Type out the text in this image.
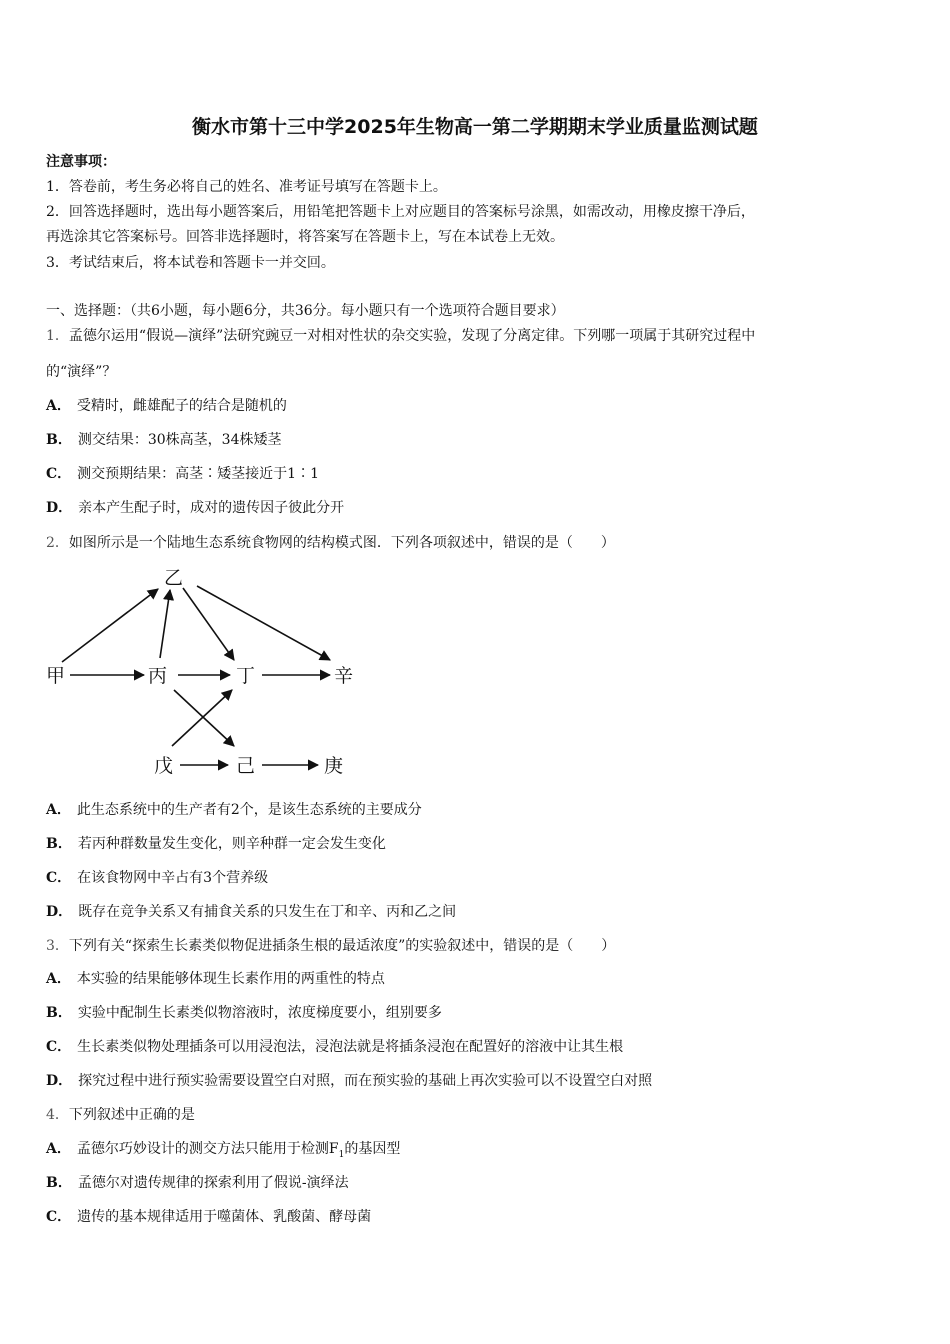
衡水市第十三中学2025年生物高一第二学期期末学业质量监测试题
注意事项：
1．答卷前，考生务必将自己的姓名、准考证号填写在答题卡上。
2．回答选择题时，选出每小题答案后，用铅笔把答题卡上对应题目的答案标号涂黑，如需改动，用橡皮擦干净后，
再选涂其它答案标号。回答非选择题时，将答案写在答题卡上，写在本试卷上无效。
3．考试结束后，将本试卷和答题卡一并交回。
一、选择题：（共6小题，每小题6分，共36分。每小题只有一个选项符合题目要求）
1．孟德尔运用“假说—演绎”法研究豌豆一对相对性状的杂交实验，发现了分离定律。下列哪一项属于其研究过程中
的“演绎”？
A． 受精时，雌雄配子的结合是随机的
B． 测交结果：30株高茎，34株矮茎
C． 测交预期结果：高茎∶矮茎接近于1∶1
D． 亲本产生配子时，成对的遗传因子彼此分开
2．如图所示是一个陆地生态系统食物网的结构模式图．下列各项叙述中，错误的是（　　）
乙
甲	丙	丁	辛
戊	己	庚
A． 此生态系统中的生产者有2个，是该生态系统的主要成分
B． 若丙种群数量发生变化，则辛种群一定会发生变化
C． 在该食物网中辛占有3个营养级
D． 既存在竞争关系又有捕食关系的只发生在丁和辛、丙和乙之间
3．下列有关“探索生长素类似物促进插条生根的最适浓度”的实验叙述中，错误的是（　　）
A． 本实验的结果能够体现生长素作用的两重性的特点
B． 实验中配制生长素类似物溶液时，浓度梯度要小，组别要多
C． 生长素类似物处理插条可以用浸泡法，浸泡法就是将插条浸泡在配置好的溶液中让其生根
D． 探究过程中进行预实验需要设置空白对照，而在预实验的基础上再次实验可以不设置空白对照
4．下列叙述中正确的是
A． 孟德尔巧妙设计的测交方法只能用于检测$F_1$的基因型
B． 孟德尔对遗传规律的探索利用了假说-演绎法
C． 遗传的基本规律适用于噬菌体、乳酸菌、酵母菌
